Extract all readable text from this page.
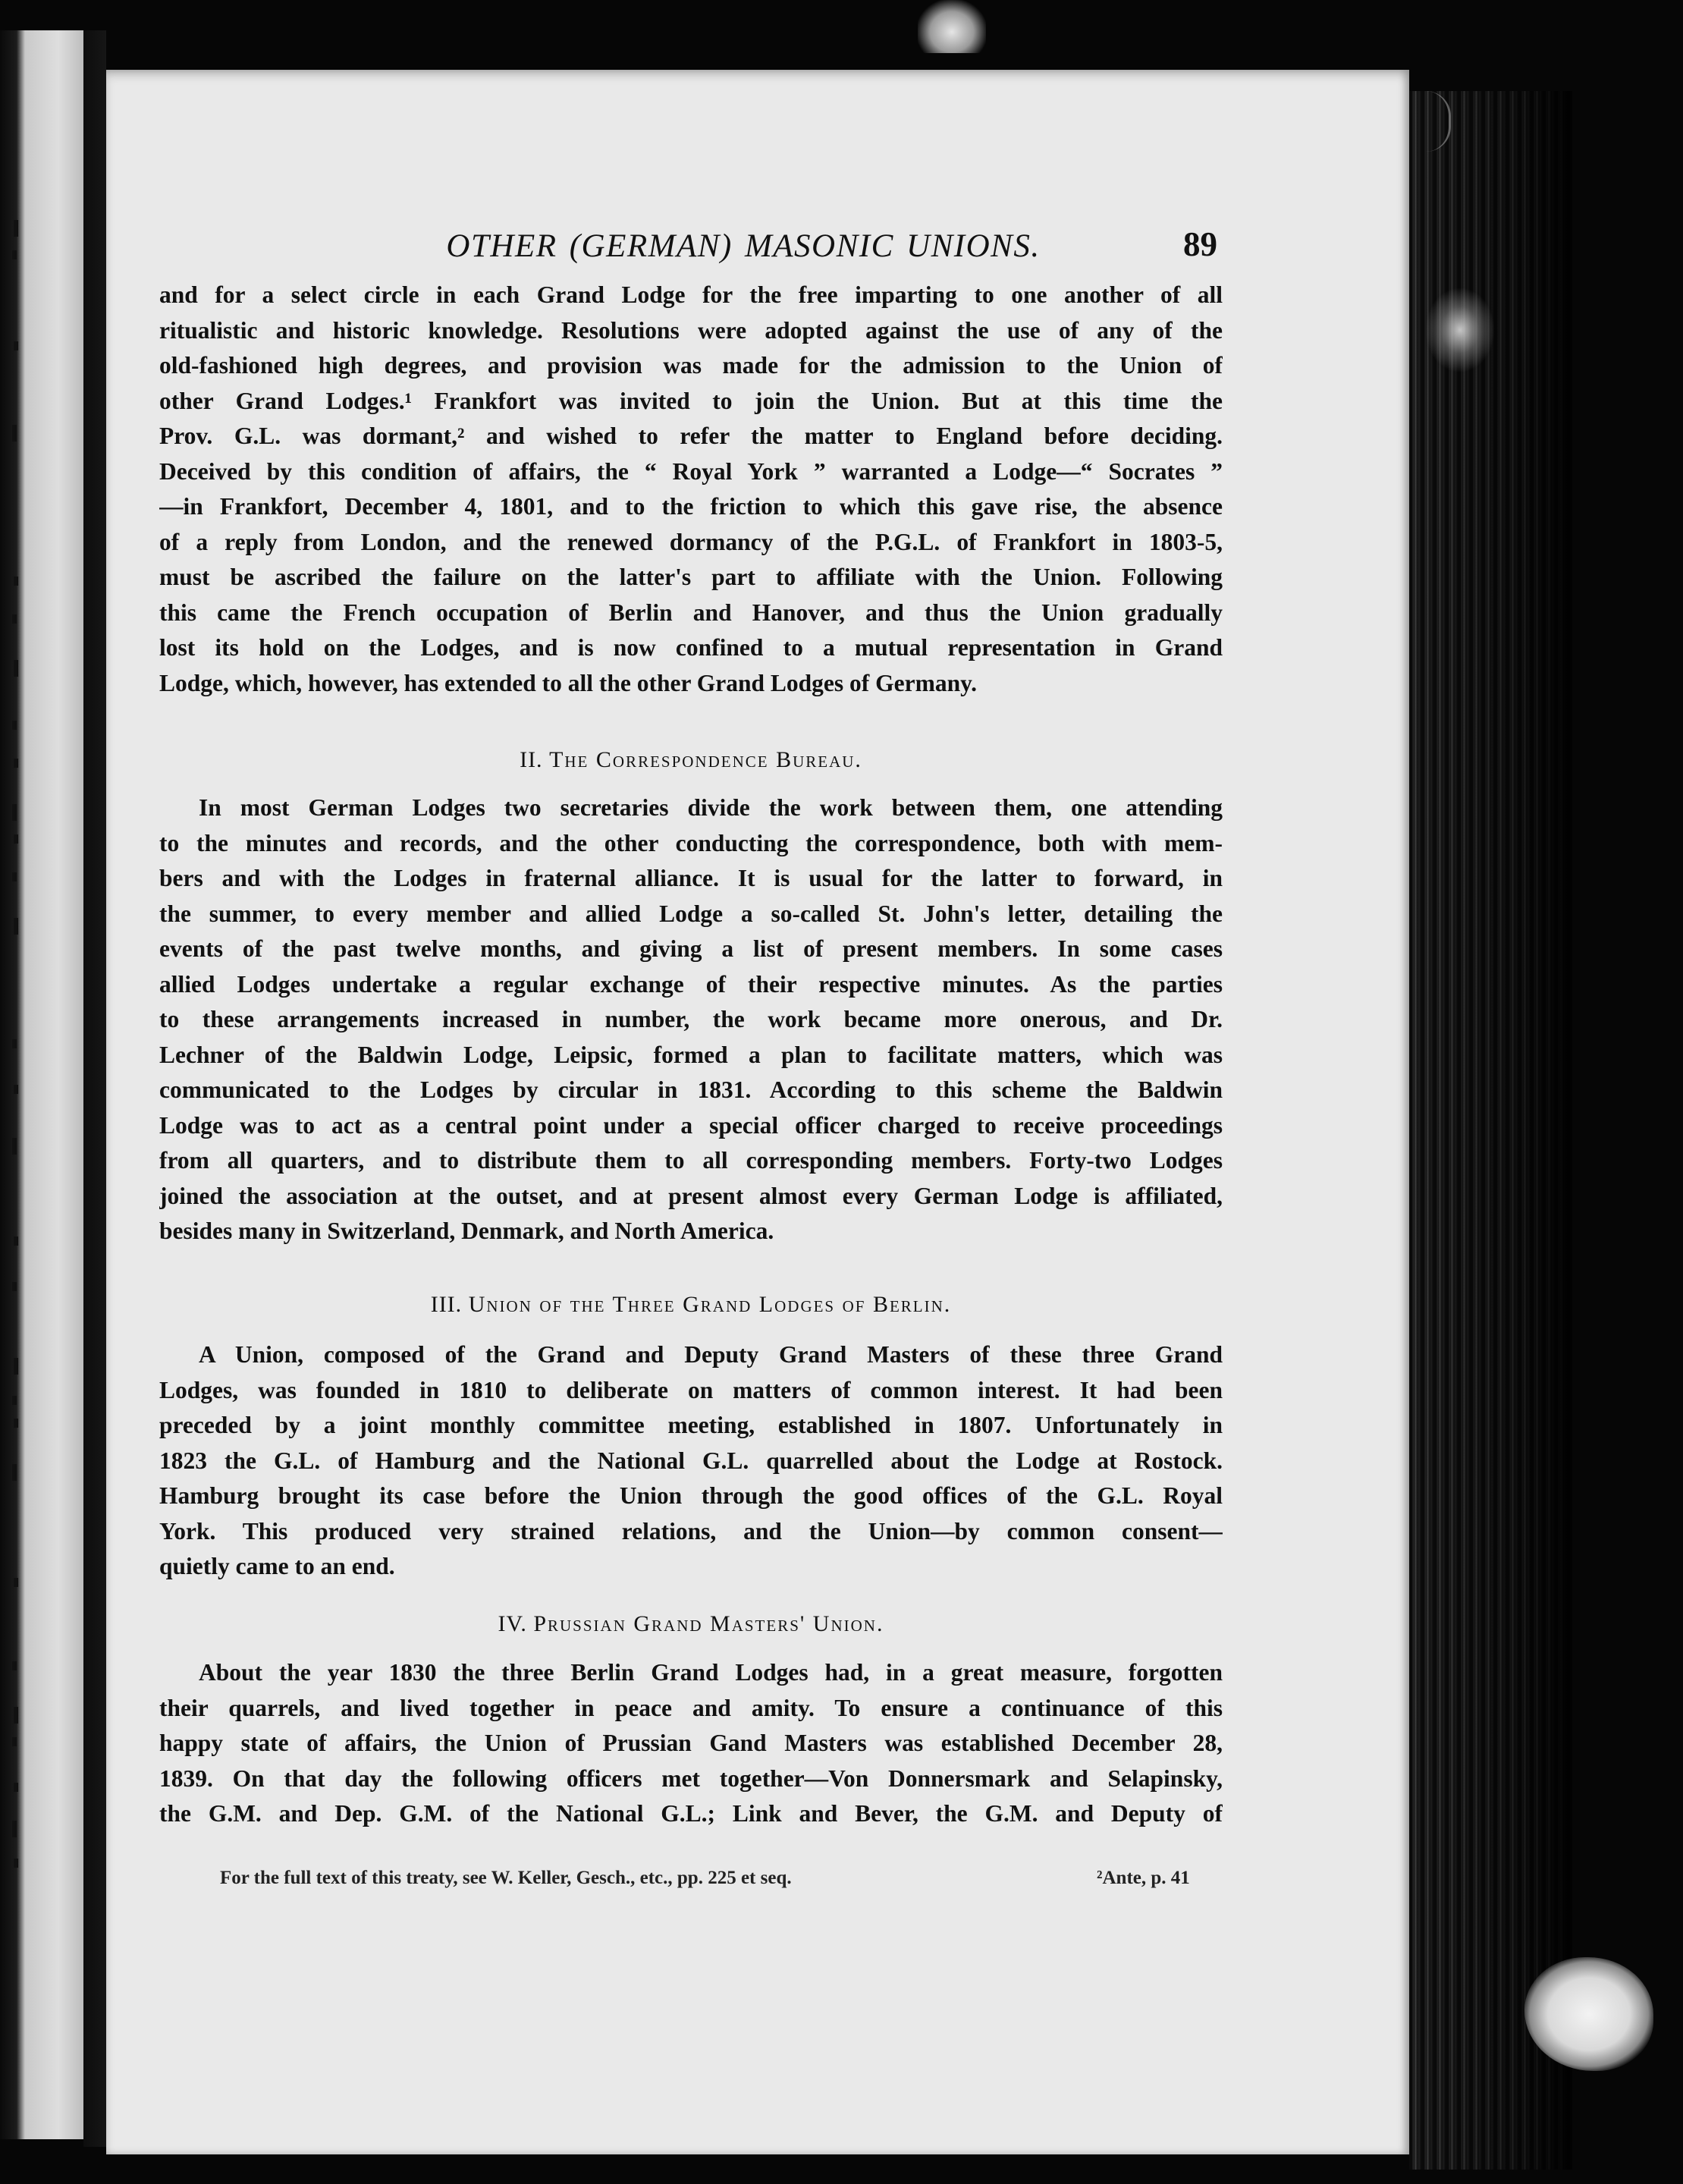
OTHER (GERMAN) MASONIC UNIONS.	89
and for a select circle in each Grand Lodge for the free imparting to one another of all
ritualistic and historic knowledge. Resolutions were adopted against the use of any of the
old-fashioned high degrees, and provision was made for the admission to the Union of
other Grand Lodges.¹ Frankfort was invited to join the Union. But at this time the
Prov. G.L. was dormant,² and wished to refer the matter to England before deciding.
Deceived by this condition of affairs, the “ Royal York ” warranted a Lodge—“ Socrates ”
—in Frankfort, December 4, 1801, and to the friction to which this gave rise, the absence
of a reply from London, and the renewed dormancy of the P.G.L. of Frankfort in 1803-5,
must be ascribed the failure on the latter's part to affiliate with the Union. Following
this came the French occupation of Berlin and Hanover, and thus the Union gradually
lost its hold on the Lodges, and is now confined to a mutual representation in Grand
Lodge, which, however, has extended to all the other Grand Lodges of Germany.
II. The Correspondence Bureau.
In most German Lodges two secretaries divide the work between them, one attending
to the minutes and records, and the other conducting the correspondence, both with mem-
bers and with the Lodges in fraternal alliance. It is usual for the latter to forward, in
the summer, to every member and allied Lodge a so-called St. John's letter, detailing the
events of the past twelve months, and giving a list of present members. In some cases
allied Lodges undertake a regular exchange of their respective minutes. As the parties
to these arrangements increased in number, the work became more onerous, and Dr.
Lechner of the Baldwin Lodge, Leipsic, formed a plan to facilitate matters, which was
communicated to the Lodges by circular in 1831. According to this scheme the Baldwin
Lodge was to act as a central point under a special officer charged to receive proceedings
from all quarters, and to distribute them to all corresponding members. Forty-two Lodges
joined the association at the outset, and at present almost every German Lodge is affiliated,
besides many in Switzerland, Denmark, and North America.
III. Union of the Three Grand Lodges of Berlin.
A Union, composed of the Grand and Deputy Grand Masters of these three Grand
Lodges, was founded in 1810 to deliberate on matters of common interest. It had been
preceded by a joint monthly committee meeting, established in 1807. Unfortunately in
1823 the G.L. of Hamburg and the National G.L. quarrelled about the Lodge at Rostock.
Hamburg brought its case before the Union through the good offices of the G.L. Royal
York. This produced very strained relations, and the Union—by common consent—
quietly came to an end.
IV. Prussian Grand Masters' Union.
About the year 1830 the three Berlin Grand Lodges had, in a great measure, forgotten
their quarrels, and lived together in peace and amity. To ensure a continuance of this
happy state of affairs, the Union of Prussian Gand Masters was established December 28,
1839. On that day the following officers met together—Von Donnersmark and Selapinsky,
the G.M. and Dep. G.M. of the National G.L.; Link and Bever, the G.M. and Deputy of
For the full text of this treaty, see W. Keller, Gesch., etc., pp. 225 et seq.	²Ante, p. 41
